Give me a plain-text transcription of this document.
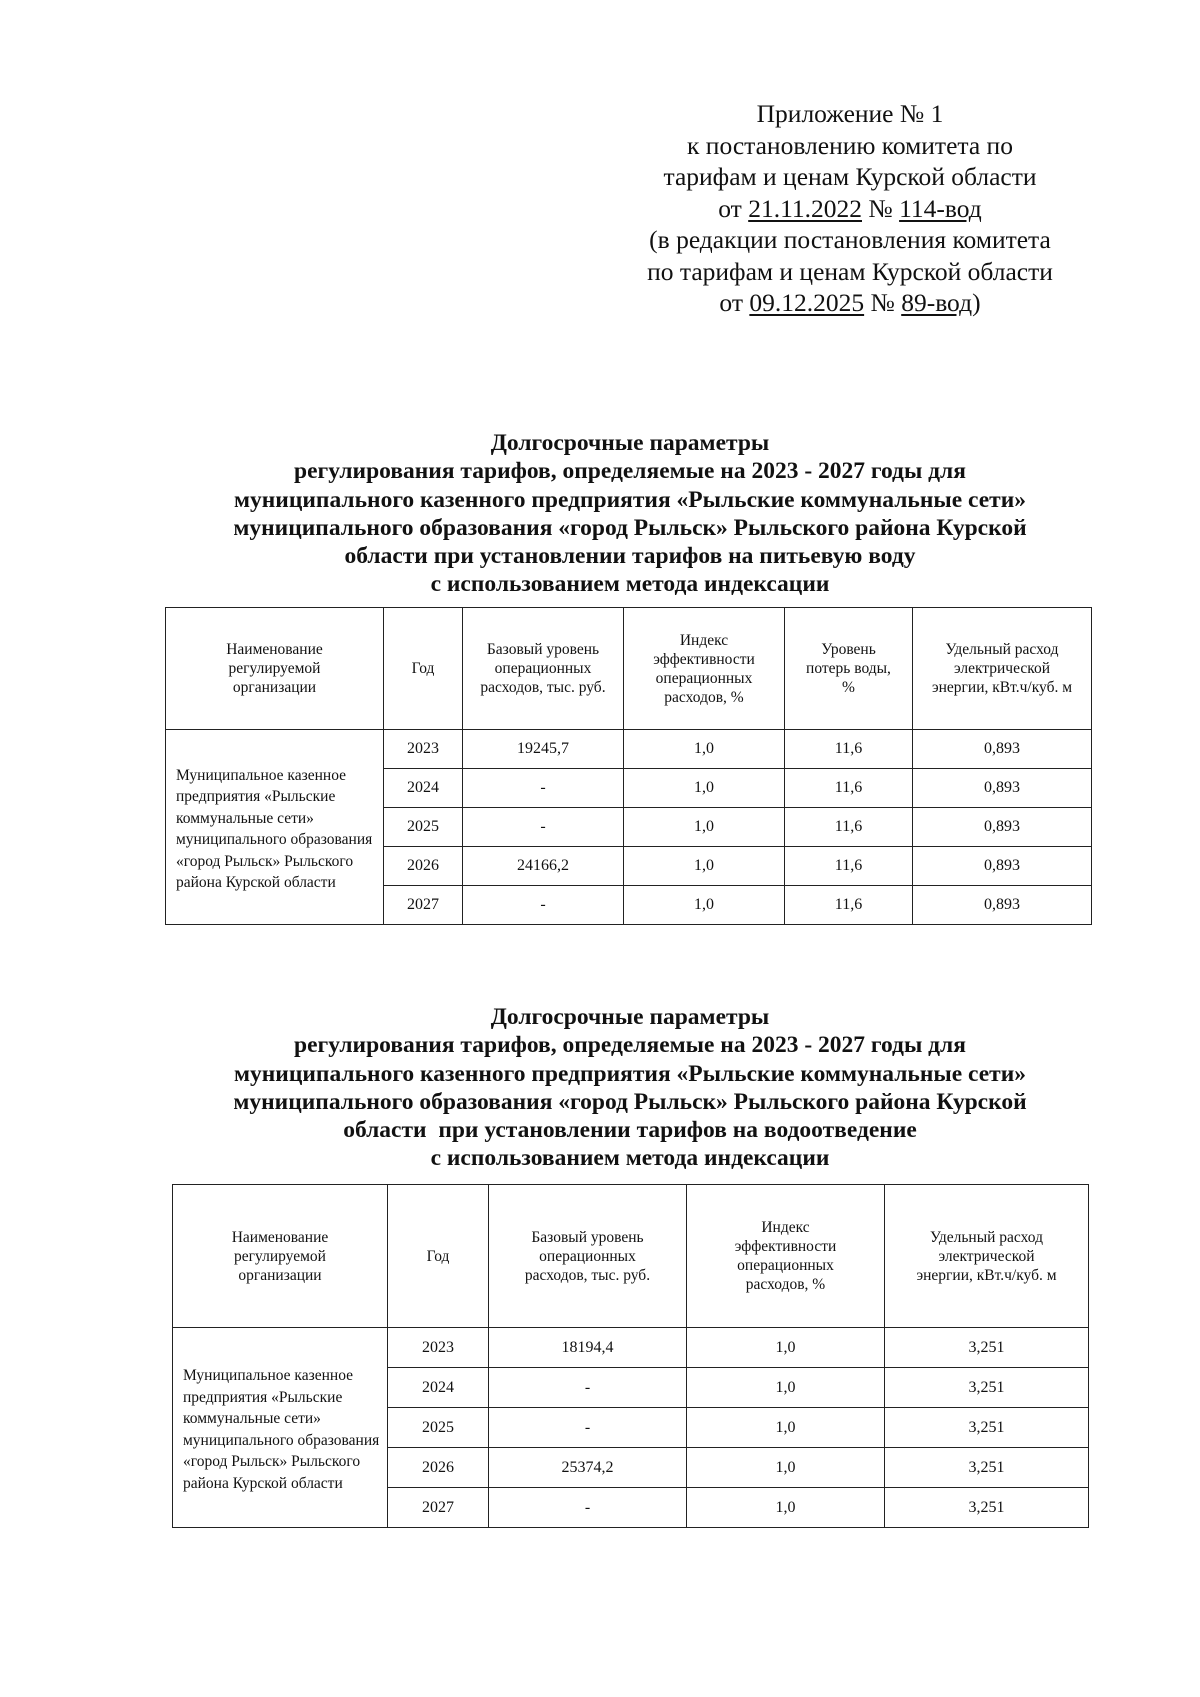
Приложение № 1
к постановлению комитета по
тарифам и ценам Курской области
от 21.11.2022 № 114-вод
(в редакции постановления комитета
по тарифам и ценам Курской области
от 09.12.2025 № 89-вод)
Долгосрочные параметры
регулирования тарифов, определяемые на 2023 - 2027 годы для
муниципального казенного предприятия «Рыльские коммунальные сети»
муниципального образования «город Рыльск» Рыльского района Курской
области при установлении тарифов на питьевую воду
с использованием метода индексации
Наименование регулируемой организации	Год	Базовый уровень операционных расходов, тыс. руб.	Индекс эффективности операционных расходов, %	Уровень потерь воды, %	Удельный расход электрической энергии, кВт.ч/куб. м
Муниципальное казенное предприятия «Рыльские коммунальные сети» муниципального образования «город Рыльск» Рыльского района Курской области	2023	19245,7	1,0	11,6	0,893
	2024	-	1,0	11,6	0,893
	2025	-	1,0	11,6	0,893
	2026	24166,2	1,0	11,6	0,893
	2027	-	1,0	11,6	0,893
Долгосрочные параметры
регулирования тарифов, определяемые на 2023 - 2027 годы для
муниципального казенного предприятия «Рыльские коммунальные сети»
муниципального образования «город Рыльск» Рыльского района Курской
области  при установлении тарифов на водоотведение
с использованием метода индексации
Наименование регулируемой организации	Год	Базовый уровень операционных расходов, тыс. руб.	Индекс эффективности операционных расходов, %	Удельный расход электрической энергии, кВт.ч/куб. м
Муниципальное казенное предприятия «Рыльские коммунальные сети» муниципального образования «город Рыльск» Рыльского района Курской области	2023	18194,4	1,0	3,251
	2024	-	1,0	3,251
	2025	-	1,0	3,251
	2026	25374,2	1,0	3,251
	2027	-	1,0	3,251
